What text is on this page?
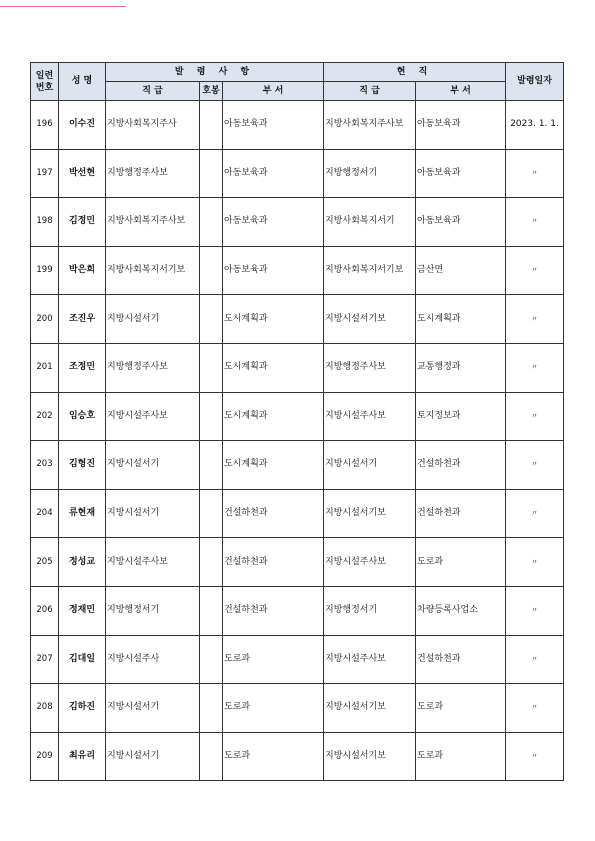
일련
번호	성 명	발 령 사 항			현 직		발령일자
		직 급	호봉	부 서	직 급	부 서	
196	이수진	지방사회복지주사		아동보육과	지방사회복지주사보	아동보육과	2023. 1. 1.
197	박선현	지방행정주사보		아동보육과	지방행정서기	아동보육과	〃
198	김정민	지방사회복지주사보		아동보육과	지방사회복지서기	아동보육과	〃
199	박은희	지방사회복지서기보		아동보육과	지방사회복지서기보	금산면	〃
200	조진우	지방시설서기		도시계획과	지방시설서기보	도시계획과	〃
201	조정민	지방행정주사보		도시계획과	지방행정주사보	교통행정과	〃
202	임승호	지방시설주사보		도시계획과	지방시설주사보	토지정보과	〃
203	김형진	지방시설서기		도시계획과	지방시설서기	건설하천과	〃
204	류현재	지방시설서기		건설하천과	지방시설서기보	건설하천과	〃
205	정성교	지방시설주사보		건설하천과	지방시설주사보	도로과	〃
206	정재민	지방행정서기		건설하천과	지방행정서기	차량등록사업소	〃
207	김대일	지방시설주사		도로과	지방시설주사보	건설하천과	〃
208	김하진	지방시설서기		도로과	지방시설서기보	도로과	〃
209	최유리	지방시설서기		도로과	지방시설서기보	도로과	〃
